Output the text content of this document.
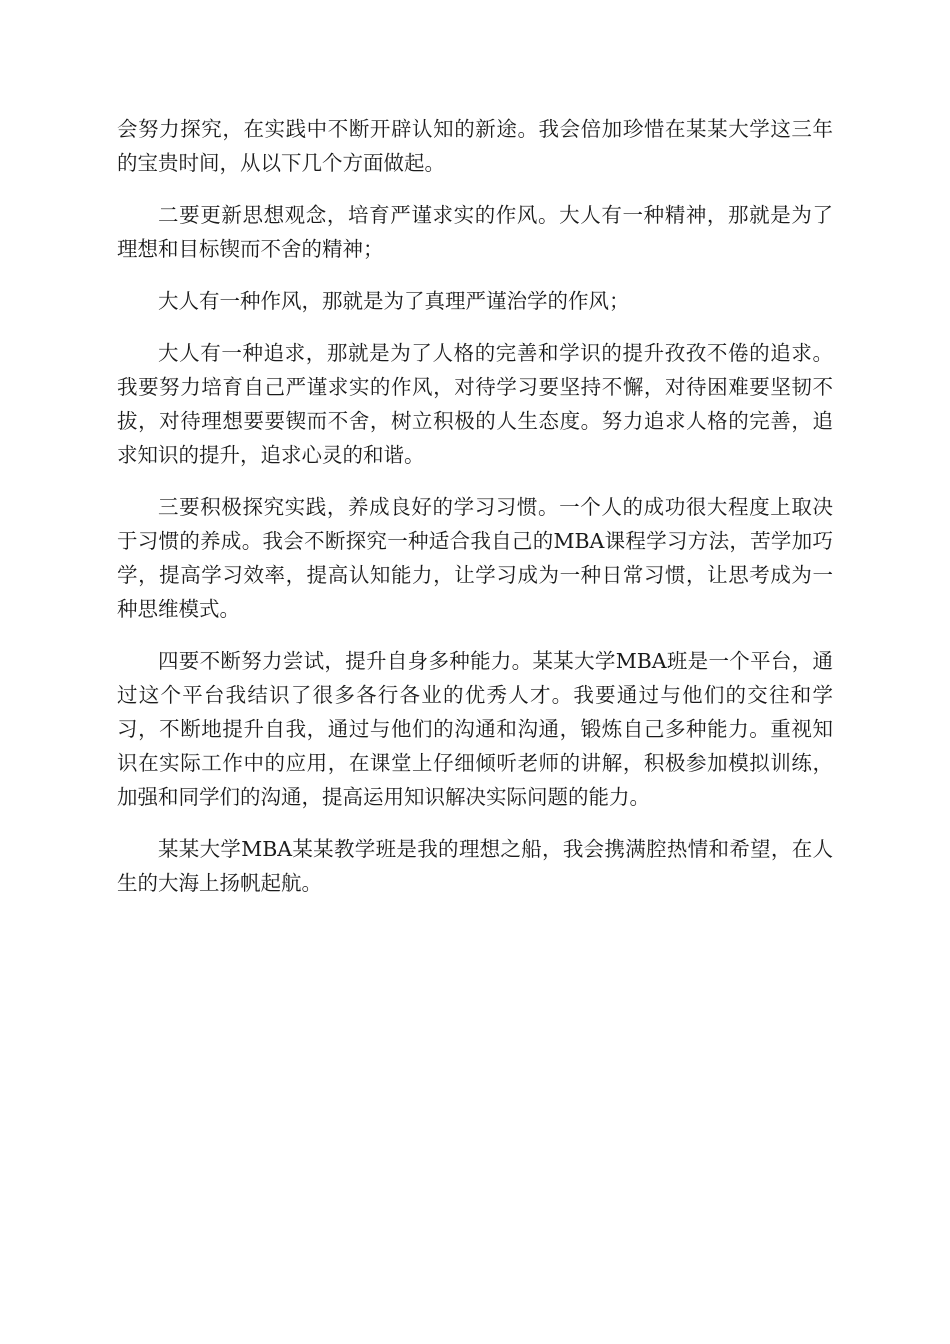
会努力探究，在实践中不断开辟认知的新途。我会倍加珍惜在某某大学这三年的宝贵时间，从以下几个方面做起。

二要更新思想观念，培育严谨求实的作风。大人有一种精神，那就是为了理想和目标锲而不舍的精神；

大人有一种作风，那就是为了真理严谨治学的作风；

大人有一种追求，那就是为了人格的完善和学识的提升孜孜不倦的追求。我要努力培育自己严谨求实的作风，对待学习要坚持不懈，对待困难要坚韧不拔，对待理想要要锲而不舍，树立积极的人生态度。努力追求人格的完善，追求知识的提升，追求心灵的和谐。

三要积极探究实践，养成良好的学习习惯。一个人的成功很大程度上取决于习惯的养成。我会不断探究一种适合我自己的MBA课程学习方法，苦学加巧学，提高学习效率，提高认知能力，让学习成为一种日常习惯，让思考成为一种思维模式。

四要不断努力尝试，提升自身多种能力。某某大学MBA班是一个平台，通过这个平台我结识了很多各行各业的优秀人才。我要通过与他们的交往和学习，不断地提升自我，通过与他们的沟通和沟通，锻炼自己多种能力。重视知识在实际工作中的应用，在课堂上仔细倾听老师的讲解，积极参加模拟训练，加强和同学们的沟通，提高运用知识解决实际问题的能力。

某某大学MBA某某教学班是我的理想之船，我会携满腔热情和希望，在人生的大海上扬帆起航。
